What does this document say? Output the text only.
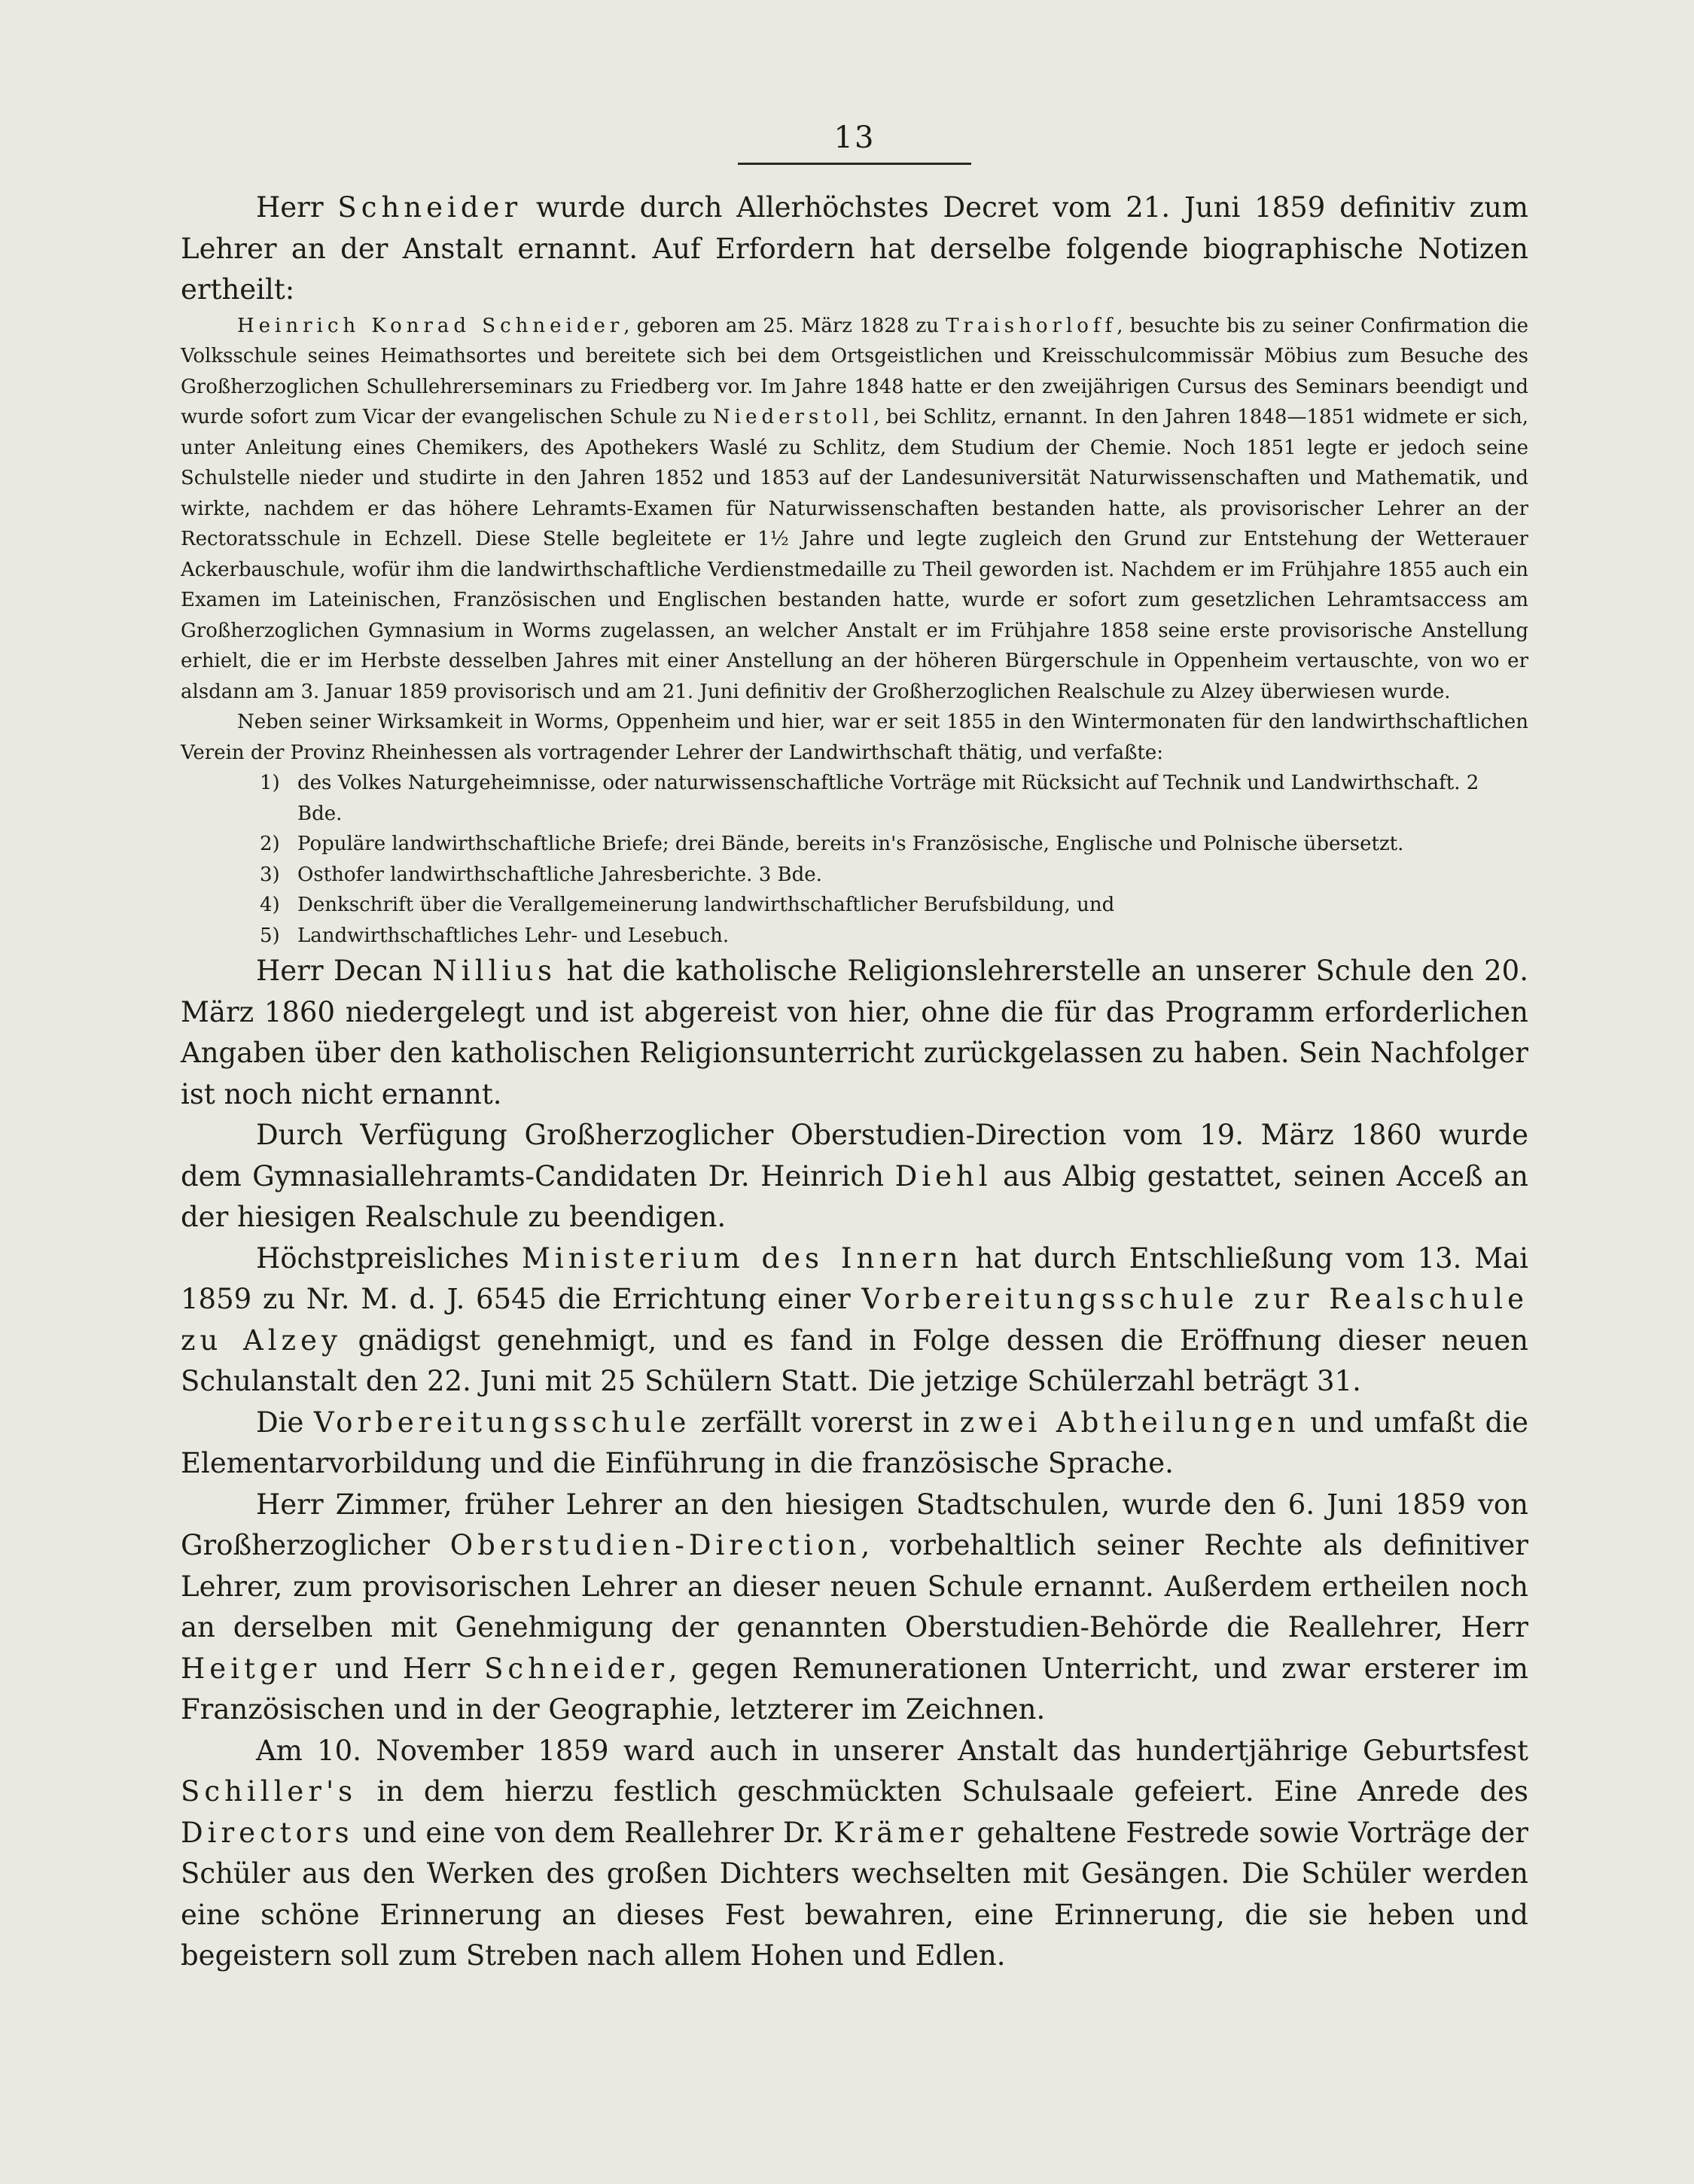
13

Herr Schneider wurde durch Allerhöchstes Decret vom 21. Juni 1859 definitiv zum Lehrer an der Anstalt ernannt. Auf Erfordern hat derselbe folgende biographische Notizen ertheilt:

Heinrich Konrad Schneider, geboren am 25. März 1828 zu Traishorloff, besuchte bis zu seiner Confirmation die Volksschule seines Heimathsortes und bereitete sich bei dem Ortsgeistlichen und Kreisschulcommissär Möbius zum Besuche des Großherzoglichen Schullehrerseminars zu Friedberg vor. Im Jahre 1848 hatte er den zweijährigen Cursus des Seminars beendigt und wurde sofort zum Vicar der evangelischen Schule zu Niederstoll, bei Schlitz, ernannt. In den Jahren 1848—1851 widmete er sich, unter Anleitung eines Chemikers, des Apothekers Waslé zu Schlitz, dem Studium der Chemie. Noch 1851 legte er jedoch seine Schulstelle nieder und studirte in den Jahren 1852 und 1853 auf der Landesuniversität Naturwissenschaften und Mathematik, und wirkte, nachdem er das höhere Lehramts-Examen für Naturwissenschaften bestanden hatte, als provisorischer Lehrer an der Rectoratsschule in Echzell. Diese Stelle begleitete er 1½ Jahre und legte zugleich den Grund zur Entstehung der Wetterauer Ackerbauschule, wofür ihm die landwirthschaftliche Verdienstmedaille zu Theil geworden ist. Nachdem er im Frühjahre 1855 auch ein Examen im Lateinischen, Französischen und Englischen bestanden hatte, wurde er sofort zum gesetzlichen Lehramtsaccess am Großherzoglichen Gymnasium in Worms zugelassen, an welcher Anstalt er im Frühjahre 1858 seine erste provisorische Anstellung erhielt, die er im Herbste desselben Jahres mit einer Anstellung an der höheren Bürgerschule in Oppenheim vertauschte, von wo er alsdann am 3. Januar 1859 provisorisch und am 21. Juni definitiv der Großherzoglichen Realschule zu Alzey überwiesen wurde.

Neben seiner Wirksamkeit in Worms, Oppenheim und hier, war er seit 1855 in den Wintermonaten für den landwirthschaftlichen Verein der Provinz Rheinhessen als vortragender Lehrer der Landwirthschaft thätig, und verfaßte:

1) des Volkes Naturgeheimnisse, oder naturwissenschaftliche Vorträge mit Rücksicht auf Technik und Landwirthschaft. 2 Bde.
2) Populäre landwirthschaftliche Briefe; drei Bände, bereits in's Französische, Englische und Polnische übersetzt.
3) Osthofer landwirthschaftliche Jahresberichte. 3 Bde.
4) Denkschrift über die Verallgemeinerung landwirthschaftlicher Berufsbildung, und
5) Landwirthschaftliches Lehr- und Lesebuch.

Herr Decan Nillius hat die katholische Religionslehrerstelle an unserer Schule den 20. März 1860 niedergelegt und ist abgereist von hier, ohne die für das Programm erforderlichen Angaben über den katholischen Religionsunterricht zurückgelassen zu haben. Sein Nachfolger ist noch nicht ernannt.

Durch Verfügung Großherzoglicher Oberstudien-Direction vom 19. März 1860 wurde dem Gymnasiallehramts-Candidaten Dr. Heinrich Diehl aus Albig gestattet, seinen Acceß an der hiesigen Realschule zu beendigen.

Höchstpreisliches Ministerium des Innern hat durch Entschließung vom 13. Mai 1859 zu Nr. M. d. J. 6545 die Errichtung einer Vorbereitungsschule zur Realschule zu Alzey gnädigst genehmigt, und es fand in Folge dessen die Eröffnung dieser neuen Schulanstalt den 22. Juni mit 25 Schülern Statt. Die jetzige Schülerzahl beträgt 31.

Die Vorbereitungsschule zerfällt vorerst in zwei Abtheilungen und umfaßt die Elementarvorbildung und die Einführung in die französische Sprache.

Herr Zimmer, früher Lehrer an den hiesigen Stadtschulen, wurde den 6. Juni 1859 von Großherzoglicher Oberstudien-Direction, vorbehaltlich seiner Rechte als definitiver Lehrer, zum provisorischen Lehrer an dieser neuen Schule ernannt. Außerdem ertheilen noch an derselben mit Genehmigung der genannten Oberstudien-Behörde die Reallehrer, Herr Heitger und Herr Schneider, gegen Remunerationen Unterricht, und zwar ersterer im Französischen und in der Geographie, letzterer im Zeichnen.

Am 10. November 1859 ward auch in unserer Anstalt das hundertjährige Geburtsfest Schiller's in dem hierzu festlich geschmückten Schulsaale gefeiert. Eine Anrede des Directors und eine von dem Reallehrer Dr. Krämer gehaltene Festrede sowie Vorträge der Schüler aus den Werken des großen Dichters wechselten mit Gesängen. Die Schüler werden eine schöne Erinnerung an dieses Fest bewahren, eine Erinnerung, die sie heben und begeistern soll zum Streben nach allem Hohen und Edlen.
